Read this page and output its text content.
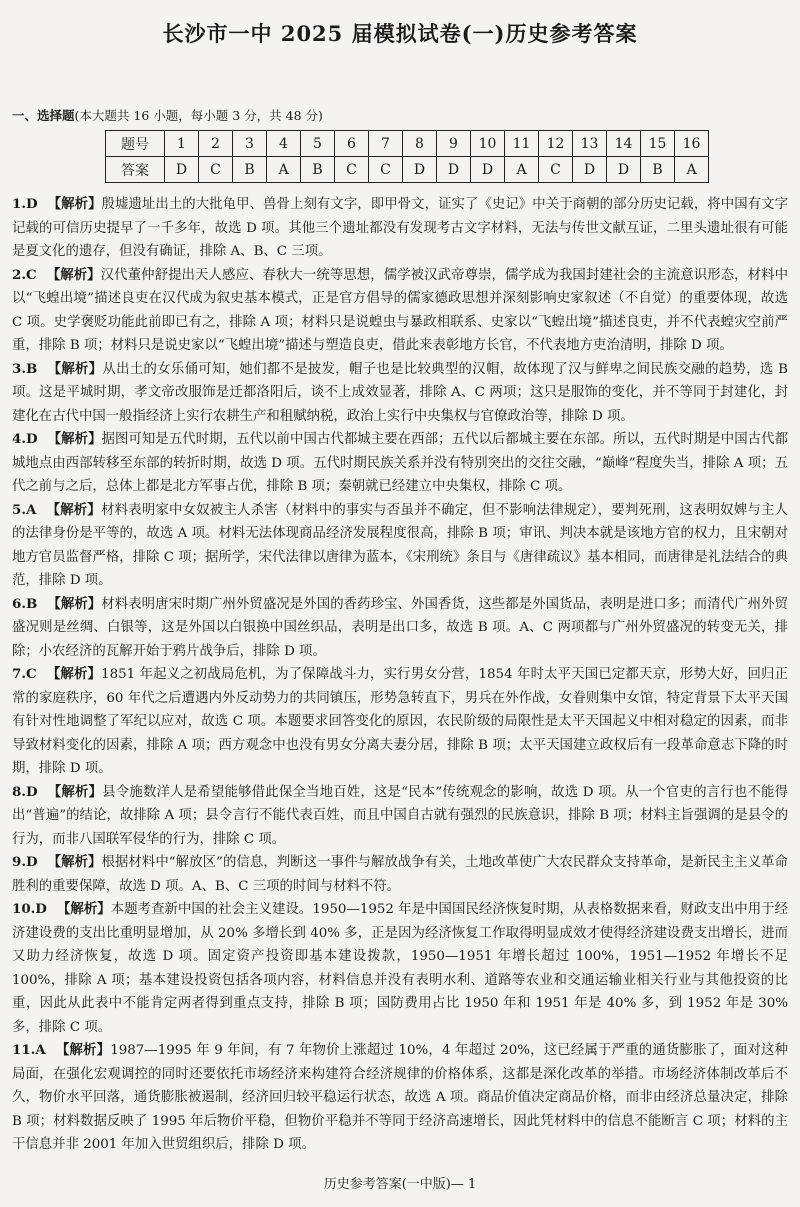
长沙市一中 2025 届模拟试卷(一)历史参考答案
一、选择题(本大题共 16 小题，每小题 3 分，共 48 分)
题号	1	2	3	4	5	6	7	8	9	10	11	12	13	14	15	16
答案	D	C	B	A	B	C	C	D	D	D	A	C	D	D	B	A

1.D 【解析】殷墟遗址出土的大批龟甲、兽骨上刻有文字，即甲骨文，证实了《史记》中关于商朝的部分历史记载，将中国有文字记载的可信历史提早了一千多年，故选 D 项。其他三个遗址都没有发现考古文字材料，无法与传世文献互证，二里头遗址很有可能是夏文化的遗存，但没有确证，排除 A、B、C 三项。

2.C 【解析】汉代董仲舒提出天人感应、春秋大一统等思想，儒学被汉武帝尊崇，儒学成为我国封建社会的主流意识形态，材料中以“飞蝗出境”描述良吏在汉代成为叙史基本模式，正是官方倡导的儒家德政思想并深刻影响史家叙述（不自觉）的重要体现，故选 C 项。史学褒贬功能此前即已有之，排除 A 项；材料只是说蝗虫与暴政相联系、史家以“飞蝗出境”描述良吏，并不代表蝗灾空前严重，排除 B 项；材料只是说史家以“飞蝗出境”描述与塑造良吏，借此来表彰地方长官，不代表地方吏治清明，排除 D 项。

3.B 【解析】从出土的女乐俑可知，她们都不是披发，帽子也是比较典型的汉帽，故体现了汉与鲜卑之间民族交融的趋势，选 B 项。这是平城时期，孝文帝改服饰是迁都洛阳后，谈不上成效显著，排除 A、C 两项；这只是服饰的变化，并不等同于封建化，封建化在古代中国一般指经济上实行农耕生产和租赋纳税，政治上实行中央集权与官僚政治等，排除 D 项。

4.D 【解析】据图可知是五代时期，五代以前中国古代都城主要在西部；五代以后都城主要在东部。所以，五代时期是中国古代都城地点由西部转移至东部的转折时期，故选 D 项。五代时期民族关系并没有特别突出的交往交融，“巅峰”程度失当，排除 A 项；五代之前与之后，总体上都是北方军事占优，排除 B 项；秦朝就已经建立中央集权，排除 C 项。

5.A 【解析】材料表明家中女奴被主人杀害（材料中的事实与否虽并不确定，但不影响法律规定），要判死刑，这表明奴婢与主人的法律身份是平等的，故选 A 项。材料无法体现商品经济发展程度很高，排除 B 项；审讯、判决本就是该地方官的权力，且宋朝对地方官员监督严格，排除 C 项；据所学，宋代法律以唐律为蓝本，《宋刑统》条目与《唐律疏议》基本相同，而唐律是礼法结合的典范，排除 D 项。

6.B 【解析】材料表明唐宋时期广州外贸盛况是外国的香药珍宝、外国香货，这些都是外国货品，表明是进口多；而清代广州外贸盛况则是丝绸、白银等，这是外国以白银换中国丝织品，表明是出口多，故选 B 项。A、C 两项都与广州外贸盛况的转变无关，排除；小农经济的瓦解开始于鸦片战争后，排除 D 项。

7.C 【解析】1851 年起义之初战局危机，为了保障战斗力，实行男女分营，1854 年时太平天国已定都天京，形势大好，回归正常的家庭秩序，60 年代之后遭遇内外反动势力的共同镇压，形势急转直下，男兵在外作战，女眷则集中女馆，特定背景下太平天国有针对性地调整了军纪以应对，故选 C 项。本题要求回答变化的原因，农民阶级的局限性是太平天国起义中相对稳定的因素，而非导致材料变化的因素，排除 A 项；西方观念中也没有男女分离夫妻分居，排除 B 项；太平天国建立政权后有一段革命意志下降的时期，排除 D 项。

8.D 【解析】县令施数洋人是希望能够借此保全当地百姓，这是“民本”传统观念的影响，故选 D 项。从一个官吏的言行也不能得出“普遍”的结论，故排除 A 项；县令言行不能代表百姓，而且中国自古就有强烈的民族意识，排除 B 项；材料主旨强调的是县令的行为，而非八国联军侵华的行为，排除 C 项。

9.D 【解析】根据材料中“解放区”的信息，判断这一事件与解放战争有关，土地改革使广大农民群众支持革命，是新民主主义革命胜利的重要保障，故选 D 项。A、B、C 三项的时间与材料不符。

10.D 【解析】本题考查新中国的社会主义建设。1950—1952 年是中国国民经济恢复时期，从表格数据来看，财政支出中用于经济建设费的支出比重明显增加，从 20% 多增长到 40% 多，正是因为经济恢复工作取得明显成效才使得经济建设费支出增长，进而又助力经济恢复，故选 D 项。固定资产投资即基本建设拨款，1950—1951 年增长超过 100%，1951—1952 年增长不足 100%，排除 A 项；基本建设投资包括各项内容，材料信息并没有表明水利、道路等农业和交通运输业相关行业与其他投资的比重，因此从此表中不能肯定两者得到重点支持，排除 B 项；国防费用占比 1950 年和 1951 年是 40% 多，到 1952 年是 30% 多，排除 C 项。

11.A 【解析】1987—1995 年 9 年间，有 7 年物价上涨超过 10%，4 年超过 20%，这已经属于严重的通货膨胀了，面对这种局面，在强化宏观调控的同时还要依托市场经济来构建符合经济规律的价格体系，这都是深化改革的举措。市场经济体制改革后不久，物价水平回落，通货膨胀被遏制，经济回归较平稳运行状态，故选 A 项。商品价值决定商品价格，而非由经济总量决定，排除 B 项；材料数据反映了 1995 年后物价平稳，但物价平稳并不等同于经济高速增长，因此凭材料中的信息不能断言 C 项；材料的主干信息并非 2001 年加入世贸组织后，排除 D 项。

历史参考答案(一中版)— 1
